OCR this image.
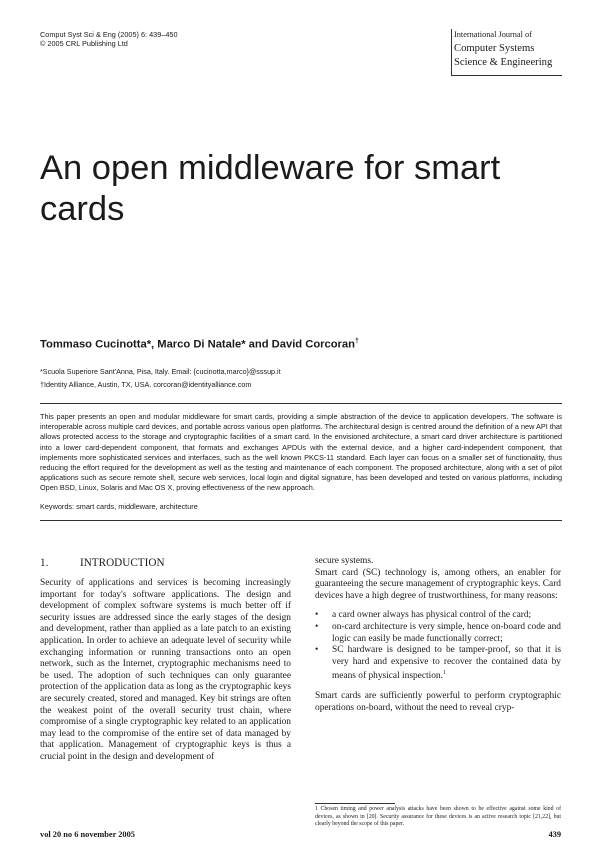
Comput Syst Sci & Eng (2005) 6: 439–450
© 2005 CRL Publishing Ltd
International Journal of
Computer Systems
Science & Engineering
An open middleware for smart cards
Tommaso Cucinotta*, Marco Di Natale* and David Corcoran†
*Scuola Superiore Sant'Anna, Pisa, Italy. Email: {cucinotta,marco}@sssup.it
†Identity Alliance, Austin, TX, USA. corcoran@identityalliance.com
This paper presents an open and modular middleware for smart cards, providing a simple abstraction of the device to application developers. The software is interoperable across multiple card devices, and portable across various open platforms. The architectural design is centred around the definition of a new API that allows protected access to the storage and cryptographic facilities of a smart card. In the envisioned architecture, a smart card driver architecture is partitioned into a lower card-dependent component, that formats and exchanges APDUs with the external device, and a higher card-independent component, that implements more sophisticated services and interfaces, such as the well known PKCS-11 standard. Each layer can focus on a smaller set of functionality, thus reducing the effort required for the development as well as the testing and maintenance of each component. The proposed architecture, along with a set of pilot applications such as secure remote shell, secure web services, local login and digital signature, has been developed and tested on various platforms, including Open BSD, Linux, Solaris and Mac OS X, proving effectiveness of the new approach.
Keywords: smart cards, middleware, architecture
1.	INTRODUCTION

Security of applications and services is becoming increasingly important for today's software applications. The design and development of complex software systems is much better off if security issues are addressed since the early stages of the design and development, rather than applied as a late patch to an existing application. In order to achieve an adequate level of security while exchanging information or running transactions onto an open network, such as the Internet, cryptographic mechanisms need to be used. The adoption of such techniques can only guarantee protection of the application data as long as the cryptographic keys are securely created, stored and managed. Key bit strings are often the weakest point of the overall security trust chain, where compromise of a single cryptographic key related to an application may lead to the compromise of the entire set of data managed by that application. Management of cryptographic keys is thus a crucial point in the design and development of

secure systems.

Smart card (SC) technology is, among others, an enabler for guaranteeing the secure management of cryptographic keys. Card devices have a high degree of trustworthiness, for many reasons:

• a card owner always has physical control of the card;
• on-card architecture is very simple, hence on-board code and logic can easily be made functionally correct;
• SC hardware is designed to be tamper-proof, so that it is very hard and expensive to recover the contained data by means of physical inspection.$^1$

Smart cards are sufficiently powerful to perform cryptographic operations on-board, without the need to reveal cryp-

1 Chosen timing and power analysis attacks have been shown to be effective against some kind of devices, as shown in [20]. Security assurance for these devices is an active research topic [21,22], but clearly beyond the scope of this paper.
vol 20 no 6 november 2005	439
